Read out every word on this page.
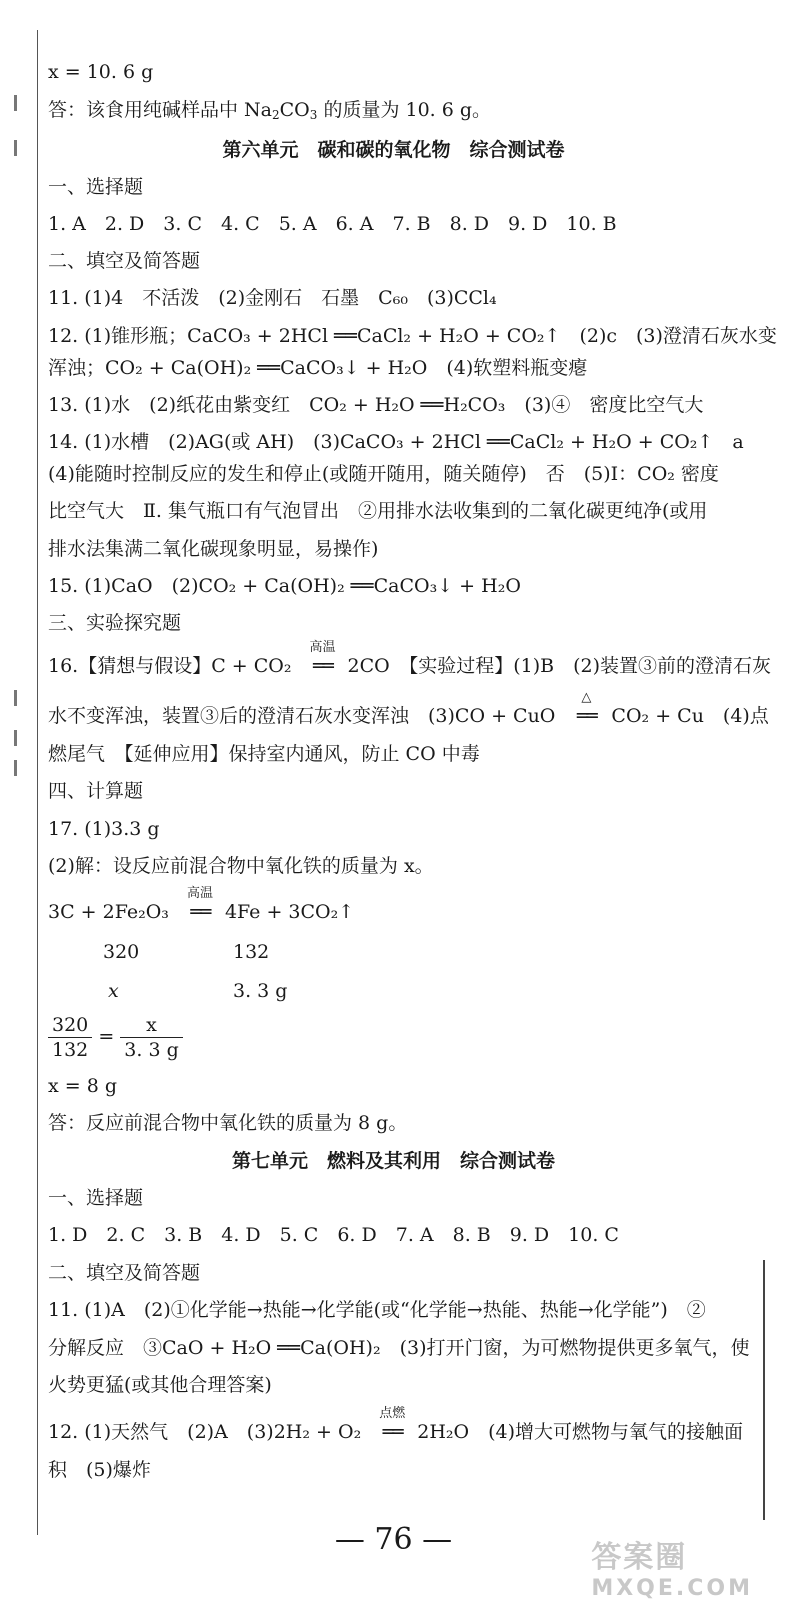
x = 10. 6 g
答：该食用纯碱样品中 $Na_2CO_3$ 的质量为 10. 6 g。
第六单元　碳和碳的氧化物　综合测试卷
一、选择题
1. A　2. D　3. C　4. C　5. A　6. A　7. B　8. D　9. D　10. B
二、填空及简答题
11. (1)4　不活泼　(2)金刚石　石墨　C₆₀　(3)CCl₄
12. (1)锥形瓶；CaCO₃ + 2HCl ══CaCl₂ + H₂O + CO₂↑　(2)c　(3)澄清石灰水变
浑浊；CO₂ + Ca(OH)₂ ══CaCO₃↓ + H₂O　(4)软塑料瓶变瘪
13. (1)水　(2)纸花由紫变红　CO₂ + H₂O ══H₂CO₃　(3)④　密度比空气大
14. (1)水槽　(2)AG(或 AH)　(3)CaCO₃ + 2HCl ══CaCl₂ + H₂O + CO₂↑　a
(4)能随时控制反应的发生和停止(或随开随用，随关随停)　否　(5)Ⅰ：CO₂ 密度
比空气大　Ⅱ. 集气瓶口有气泡冒出　②用排水法收集到的二氧化碳更纯净(或用
排水法集满二氧化碳现象明显，易操作)
15. (1)CaO　(2)CO₂ + Ca(OH)₂ ══CaCO₃↓ + H₂O
三、实验探究题
16.【猜想与假设】C + CO₂
高温
══ 2CO　【实验过程】(1)B　(2)装置③前的澄清石灰
水不变浑浊，装置③后的澄清石灰水变浑浊　(3)CO + CuO
△
══ CO₂ + Cu　(4)点
燃尾气　【延伸应用】保持室内通风，防止 CO 中毒
四、计算题
17. (1)3.3 g
(2)解：设反应前混合物中氧化铁的质量为 x。
3C + 2Fe₂O₃
高温
══ 4Fe + 3CO₂↑
320	132
x	3. 3 g
$\frac{320}{132} = \frac{x}{3. 3 g}$
x = 8 g
答：反应前混合物中氧化铁的质量为 8 g。
第七单元　燃料及其利用　综合测试卷
一、选择题
1. D　2. C　3. B　4. D　5. C　6. D　7. A　8. B　9. D　10. C
二、填空及简答题
11. (1)A　(2)①化学能→热能→化学能(或“化学能→热能、热能→化学能”)　②
分解反应　③CaO + H₂O ══Ca(OH)₂　(3)打开门窗，为可燃物提供更多氧气，使
火势更猛(或其他合理答案)
12. (1)天然气　(2)A　(3)2H₂ + O₂
点燃
══ 2H₂O　(4)增大可燃物与氧气的接触面
积　(5)爆炸
— 76 —
答案圈
MXQE.COM
